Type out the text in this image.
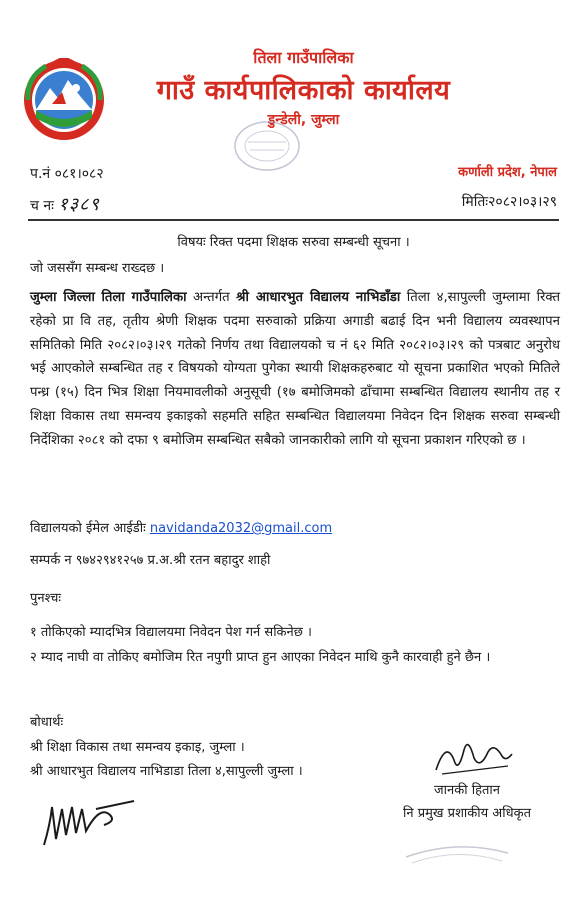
तिला गाउँपालिका
गाउँ कार्यपालिकाको कार्यालय
डुन्डेली, जुम्ला
प.नं ०८१।०८२
च नः १३८९
कर्णाली प्रदेश, नेपाल
मितिः२०८२।०३।२९
विषयः रिक्त पदमा शिक्षक सरुवा सम्बन्धी सूचना ।
जो जससँग सम्बन्ध राख्दछ ।
जुम्ला जिल्ला तिला गाउँपालिका अन्तर्गत श्री आधारभुत विद्यालय नाभिडाँडा तिला ४,सापुल्ली जुम्लामा रिक्त रहेको प्रा वि तह, तृतीय श्रेणी शिक्षक पदमा सरुवाको प्रक्रिया अगाडी बढाई दिन भनी विद्यालय व्यवस्थापन समितिको मिति २०८२।०३।२९ गतेको निर्णय तथा विद्यालयको च नं ६२ मिति २०८२।०३।२९ को पत्रबाट अनुरोध भई आएकोले सम्बन्धित तह र विषयको योग्यता पुगेका स्थायी शिक्षकहरुबाट यो सूचना प्रकाशित भएको मितिले पन्ध्र (१५) दिन भित्र शिक्षा नियमावलीको अनुसूची (१७ बमोजिमको ढाँचामा सम्बन्धित विद्यालय स्थानीय तह र शिक्षा विकास तथा समन्वय इकाइको सहमति सहित सम्बन्धित विद्यालयमा निवेदन दिन शिक्षक सरुवा सम्बन्धी निर्देशिका २०८१ को दफा ९ बमोजिम सम्बन्धित सबैको जानकारीको लागि यो सूचना प्रकाशन गरिएको छ ।
विद्यालयको ईमेल आईडीः navidanda2032@gmail.com
सम्पर्क न ९७४२९४१२५७ प्र.अ.श्री रतन बहादुर शाही
पुनश्चः
१ तोकिएको म्यादभित्र विद्यालयमा निवेदन पेश गर्न सकिनेछ ।
२ म्याद नाघी वा तोकिए बमोजिम रित नपुगी प्राप्त हुन आएका निवेदन माथि कुनै कारवाही हुने छैन ।
बोधार्थः
श्री शिक्षा विकास तथा समन्वय इकाइ, जुम्ला ।
श्री आधारभुत विद्यालय नाभिडाडा तिला ४,सापुल्ली जुम्ला ।
जानकी हितान
नि प्रमुख प्रशाकीय अधिकृत
